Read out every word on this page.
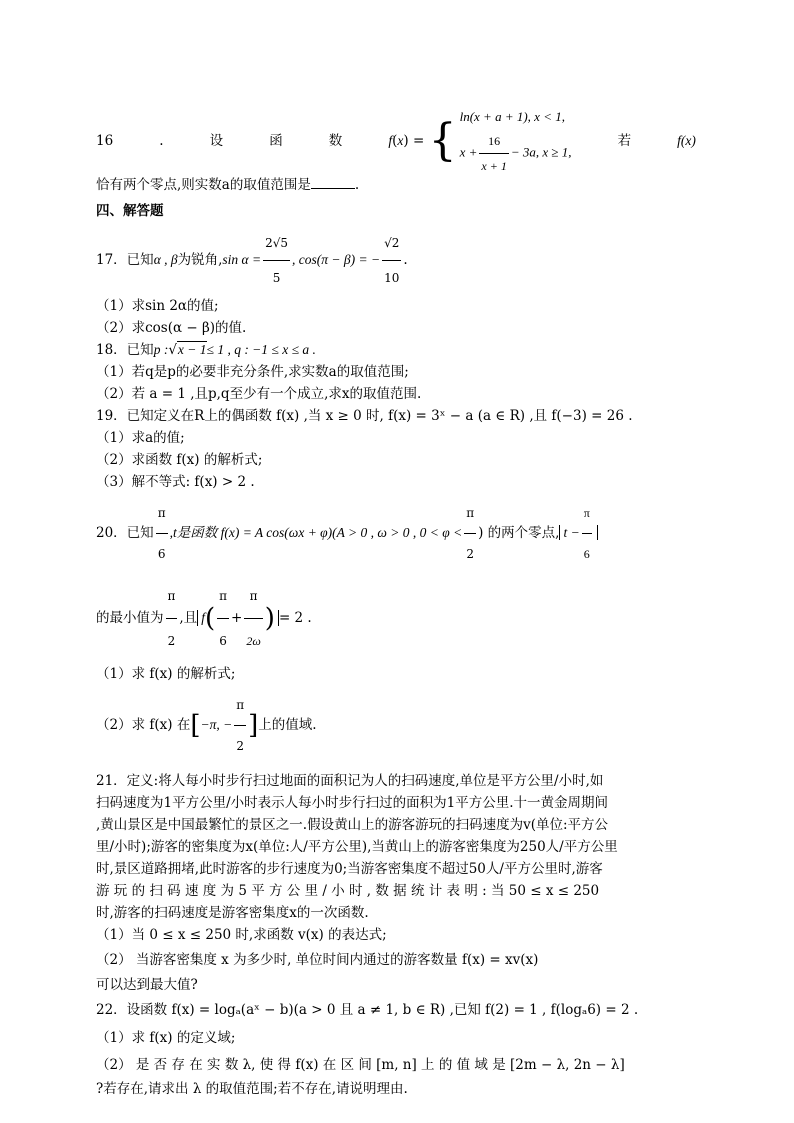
16	.	设	函	数	f(x) = { ln(x + a + 1), x < 1,
$x + \frac{16}{x + 1} - 3a$, x ≥ 1,
若	f(x)

恰有两个零点,则实数a的取值范围是	.

四、解答题

17．已知α , β为锐角,sin $\alpha = \frac{2√5}{5}$ , cos(π − β) = − $\frac{√2}{10}$ .

（1）求sin 2α的值;

（2）求cos(α − β)的值.

18．已知p :√x − 1≤ 1 , q : −1 ≤ x ≤ a .

（1）若q是p的必要非充分条件,求实数a的取值范围;

（2）若 a = 1 ,且p,q至少有一个成立,求x的取值范围.

19．已知定义在R上的偶函数 f(x) ,当 x ≥ 0 时, f(x) = 3ˣ − a (a ∈ R) ,且 f(−3) = 26 .

（1）求a的值;

（2）求函数 f(x) 的解析式;

（3）解不等式: f(x) > 2 .

20．已知 $\frac{\pi}{6} ,t$是函数 f(x) = A cos(ωx + φ)(A > 0 , ω > 0 , $0 < \varphi < \frac{\pi}{2}$ ) 的两个零点, $t - \frac{\pi}{6}$

的最小值为 $\frac{\pi}{2}$ ,且 $f( \frac{\pi}{6} + \frac{\pi}{2\omega}$ ) = 2 .

（1）求 f(x) 的解析式;

（2）求 f(x) 在[−π, − $\frac{\pi}{2}$ ]上的值域.

21．定义:将人每小时步行扫过地面的面积记为人的扫码速度,单位是平方公里/小时,如

扫码速度为1平方公里/小时表示人每小时步行扫过的面积为1平方公里.十一黄金周期间

,黄山景区是中国最繁忙的景区之一.假设黄山上的游客游玩的扫码速度为v(单位:平方公

里/小时);游客的密集度为x(单位:人/平方公里),当黄山上的游客密集度为250人/平方公里

时,景区道路拥堵,此时游客的步行速度为0;当游客密集度不超过50人/平方公里时,游客

游 玩 的 扫 码 速 度 为 5 平 方 公 里 / 小 时 , 数 据 统 计 表 明 : 当 50 ≤ x ≤ 250

时,游客的扫码速度是游客密集度x的一次函数.

（1）当 0 ≤ x ≤ 250 时,求函数 v(x) 的表达式;

（2） 当游客密集度 x 为多少时, 单位时间内通过的游客数量 f(x) = xv(x)

可以达到最大值?

22．设函数 f(x) = logₐ(aˣ − b)(a > 0 且 a ≠ 1, b ∈ R) ,已知 f(2) = 1 , f(logₐ6) = 2 .

（1）求 f(x) 的定义域;

（2） 是 否 存 在 实 数 λ, 使 得 f(x) 在 区 间 [m, n] 上 的 值 域 是 [2m − λ, 2n − λ]

?若存在,请求出 λ 的取值范围;若不存在,请说明理由.
